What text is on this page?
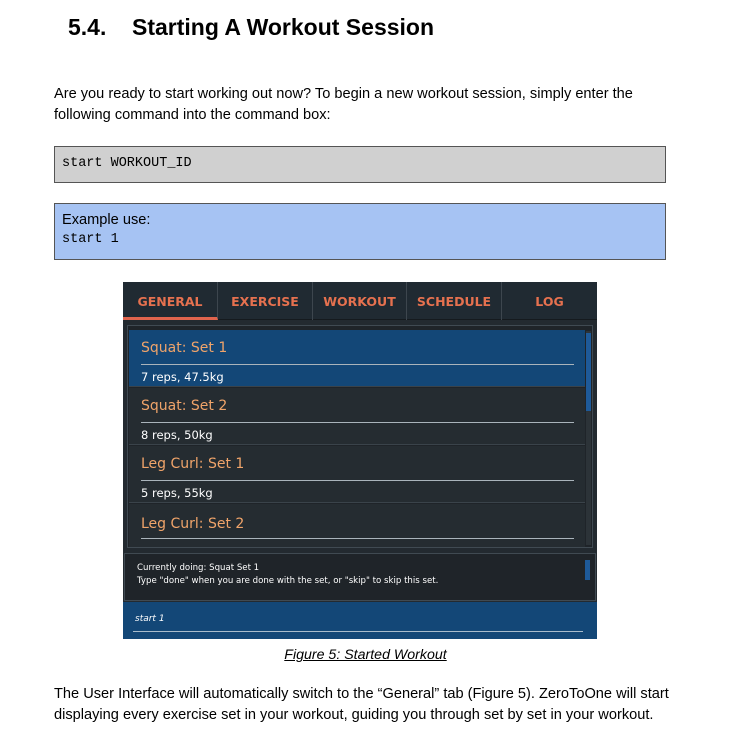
5.4. Starting A Workout Session

Are you ready to start working out now? To begin a new workout session, simply enter the following command into the command box:

start WORKOUT_ID
Example use:
start 1
GENERAL	EXERCISE	WORKOUT	SCHEDULE	LOG
Squat: Set 1
7 reps, 47.5kg
Squat: Set 2
8 reps, 50kg
Leg Curl: Set 1
5 reps, 55kg
Leg Curl: Set 2
Currently doing: Squat Set 1
Type "done" when you are done with the set, or "skip" to skip this set.
start 1
Figure 5: Started Workout

The User Interface will automatically switch to the “General” tab (Figure 5). ZeroToOne will start displaying every exercise set in your workout, guiding you through set by set in your workout.
